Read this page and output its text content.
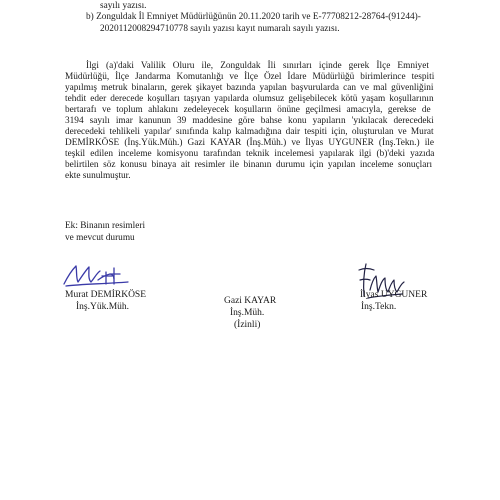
sayılı yazısı.
b) Zonguldak İl Emniyet Müdürlüğünün 20.11.2020 tarih ve E-77708212-28764-(91244)-
2020112008294710778 sayılı yazısı kayıt numaralı sayılı yazısı.
İlgi (a)'daki Valilik Oluru ile, Zonguldak İli sınırları içinde gerek İlçe Emniyet
Müdürlüğü, İlçe Jandarma Komutanlığı ve İlçe Özel İdare Müdürlüğü birimlerince tespiti
yapılmış metruk binaların, gerek şikayet bazında yapılan başvurularda can ve mal güvenliğini
tehdit eder derecede koşulları taşıyan yapılarda olumsuz gelişebilecek kötü yaşam koşullarının
bertarafı ve toplum ahlakını zedeleyecek koşulların önüne geçilmesi amacıyla, gerekse de
3194 sayılı imar kanunun 39 maddesine göre bahse konu yapıların 'yıkılacak derecedeki
derecedeki tehlikeli yapılar' sınıfında kalıp kalmadığına dair tespiti için, oluşturulan ve Murat
DEMİRKÖSE (İnş.Yük.Müh.) Gazi KAYAR (İnş.Müh.) ve İlyas UYGUNER (İnş.Tekn.) ile
teşkil edilen inceleme komisyonu tarafından teknik incelemesi yapılarak ilgi (b)'deki yazıda
belirtilen söz konusu binaya ait resimler ile binanın durumu için yapılan inceleme sonuçları
ekte sunulmuştur.
Ek: Binanın resimleri
ve mevcut durumu
Murat DEMİRKÖSE
İnş.Yük.Müh.
Gazi KAYAR
İnş.Müh.
(İzinli)
İlyas UYGUNER
İnş.Tekn.
